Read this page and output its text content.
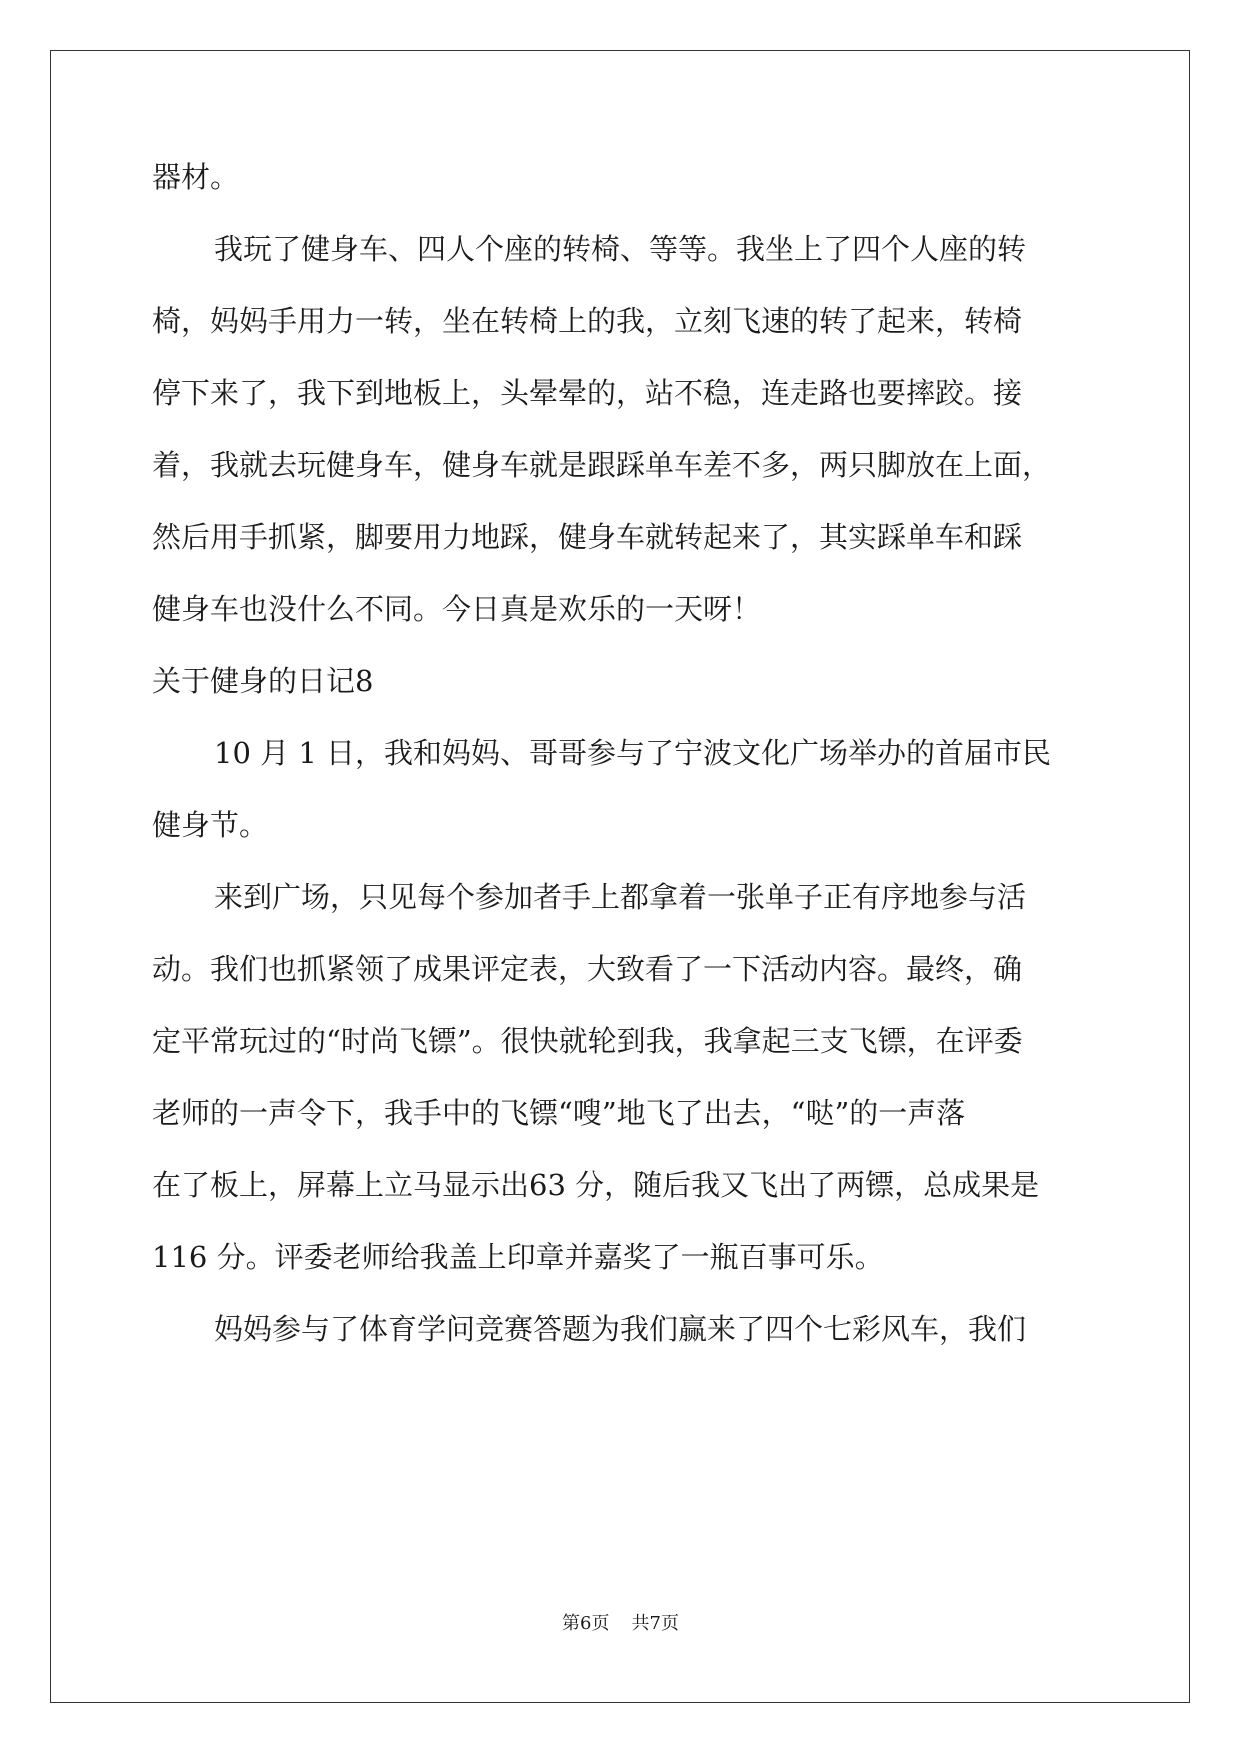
器材。
我玩了健身车、四人个座的转椅、等等。我坐上了四个人座的转
椅，妈妈手用力一转，坐在转椅上的我，立刻飞速的转了起来，转椅
停下来了，我下到地板上，头晕晕的，站不稳，连走路也要摔跤。接
着，我就去玩健身车，健身车就是跟踩单车差不多，两只脚放在上面，
然后用手抓紧，脚要用力地踩，健身车就转起来了，其实踩单车和踩
健身车也没什么不同。今日真是欢乐的一天呀！
关于健身的日记8
10 月 1 日，我和妈妈、哥哥参与了宁波文化广场举办的首届市民
健身节。
来到广场，只见每个参加者手上都拿着一张单子正有序地参与活
动。我们也抓紧领了成果评定表，大致看了一下活动内容。最终，确
定平常玩过的“时尚飞镖”。很快就轮到我，我拿起三支飞镖，在评委
老师的一声令下，我手中的飞镖“嗖”地飞了出去，“哒”的一声落
在了板上，屏幕上立马显示出63 分，随后我又飞出了两镖，总成果是
116 分。评委老师给我盖上印章并嘉奖了一瓶百事可乐。
妈妈参与了体育学问竞赛答题为我们赢来了四个七彩风车，我们
第6页 共7页
